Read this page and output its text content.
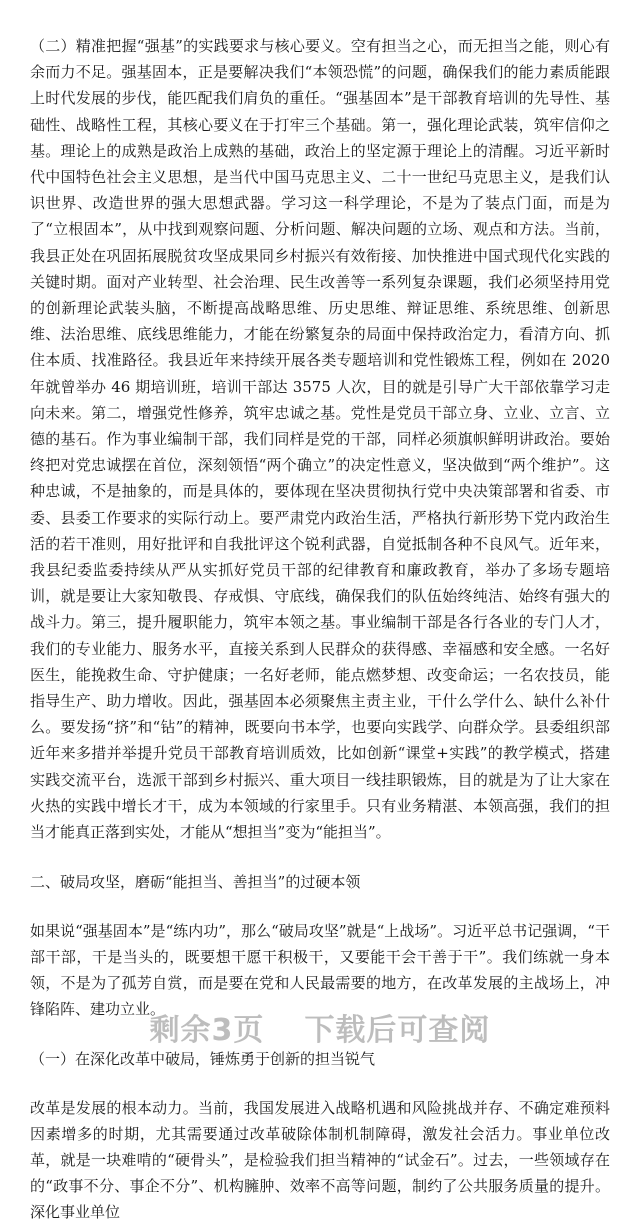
（二）精准把握“强基”的实践要求与核心要义。空有担当之心，而无担当之能，则心有余而力不足。强基固本，正是要解决我们“本领恐慌”的问题，确保我们的能力素质能跟上时代发展的步伐，能匹配我们肩负的重任。“强基固本”是干部教育培训的先导性、基础性、战略性工程，其核心要义在于打牢三个基础。第一，强化理论武装，筑牢信仰之基。理论上的成熟是政治上成熟的基础，政治上的坚定源于理论上的清醒。习近平新时代中国特色社会主义思想，是当代中国马克思主义、二十一世纪马克思主义，是我们认识世界、改造世界的强大思想武器。学习这一科学理论，不是为了装点门面，而是为了“立根固本”，从中找到观察问题、分析问题、解决问题的立场、观点和方法。当前，我县正处在巩固拓展脱贫攻坚成果同乡村振兴有效衔接、加快推进中国式现代化实践的关键时期。面对产业转型、社会治理、民生改善等一系列复杂课题，我们必须坚持用党的创新理论武装头脑，不断提高战略思维、历史思维、辩证思维、系统思维、创新思维、法治思维、底线思维能力，才能在纷繁复杂的局面中保持政治定力，看清方向、抓住本质、找准路径。我县近年来持续开展各类专题培训和党性锻炼工程，例如在 2020 年就曾举办 46 期培训班，培训干部达 3575 人次，目的就是引导广大干部依靠学习走向未来。第二，增强党性修养，筑牢忠诚之基。党性是党员干部立身、立业、立言、立德的基石。作为事业编制干部，我们同样是党的干部，同样必须旗帜鲜明讲政治。要始终把对党忠诚摆在首位，深刻领悟“两个确立”的决定性意义，坚决做到“两个维护”。这种忠诚，不是抽象的，而是具体的，要体现在坚决贯彻执行党中央决策部署和省委、市委、县委工作要求的实际行动上。要严肃党内政治生活，严格执行新形势下党内政治生活的若干准则，用好批评和自我批评这个锐利武器，自觉抵制各种不良风气。近年来，我县纪委监委持续从严从实抓好党员干部的纪律教育和廉政教育，举办了多场专题培训，就是要让大家知敬畏、存戒惧、守底线，确保我们的队伍始终纯洁、始终有强大的战斗力。第三，提升履职能力，筑牢本领之基。事业编制干部是各行各业的专门人才，我们的专业能力、服务水平，直接关系到人民群众的获得感、幸福感和安全感。一名好医生，能挽救生命、守护健康；一名好老师，能点燃梦想、改变命运；一名农技员，能指导生产、助力增收。因此，强基固本必须聚焦主责主业，干什么学什么、缺什么补什么。要发扬“挤”和“钻”的精神，既要向书本学，也要向实践学、向群众学。县委组织部近年来多措并举提升党员干部教育培训质效，比如创新“课堂+实践”的教学模式，搭建实践交流平台，选派干部到乡村振兴、重大项目一线挂职锻炼，目的就是为了让大家在火热的实践中增长才干，成为本领域的行家里手。只有业务精湛、本领高强，我们的担当才能真正落到实处，才能从“想担当”变为“能担当”。

二、破局攻坚，磨砺“能担当、善担当”的过硬本领

如果说“强基固本”是“练内功”，那么“破局攻坚”就是“上战场”。习近平总书记强调，“干部干部，干是当头的，既要想干愿干积极干，又要能干会干善于干”。我们练就一身本领，不是为了孤芳自赏，而是要在党和人民最需要的地方，在改革发展的主战场上，冲锋陷阵、建功立业。

（一）在深化改革中破局，锤炼勇于创新的担当锐气

改革是发展的根本动力。当前，我国发展进入战略机遇和风险挑战并存、不确定难预料因素增多的时期，尤其需要通过改革破除体制机制障碍，激发社会活力。事业单位改革，就是一块难啃的“硬骨头”，是检验我们担当精神的“试金石”。过去，一些领域存在的“政事不分、事企不分”、机构臃肿、效率不高等问题，制约了公共服务质量的提升。深化事业单位

剩余3页 下载后可查阅
